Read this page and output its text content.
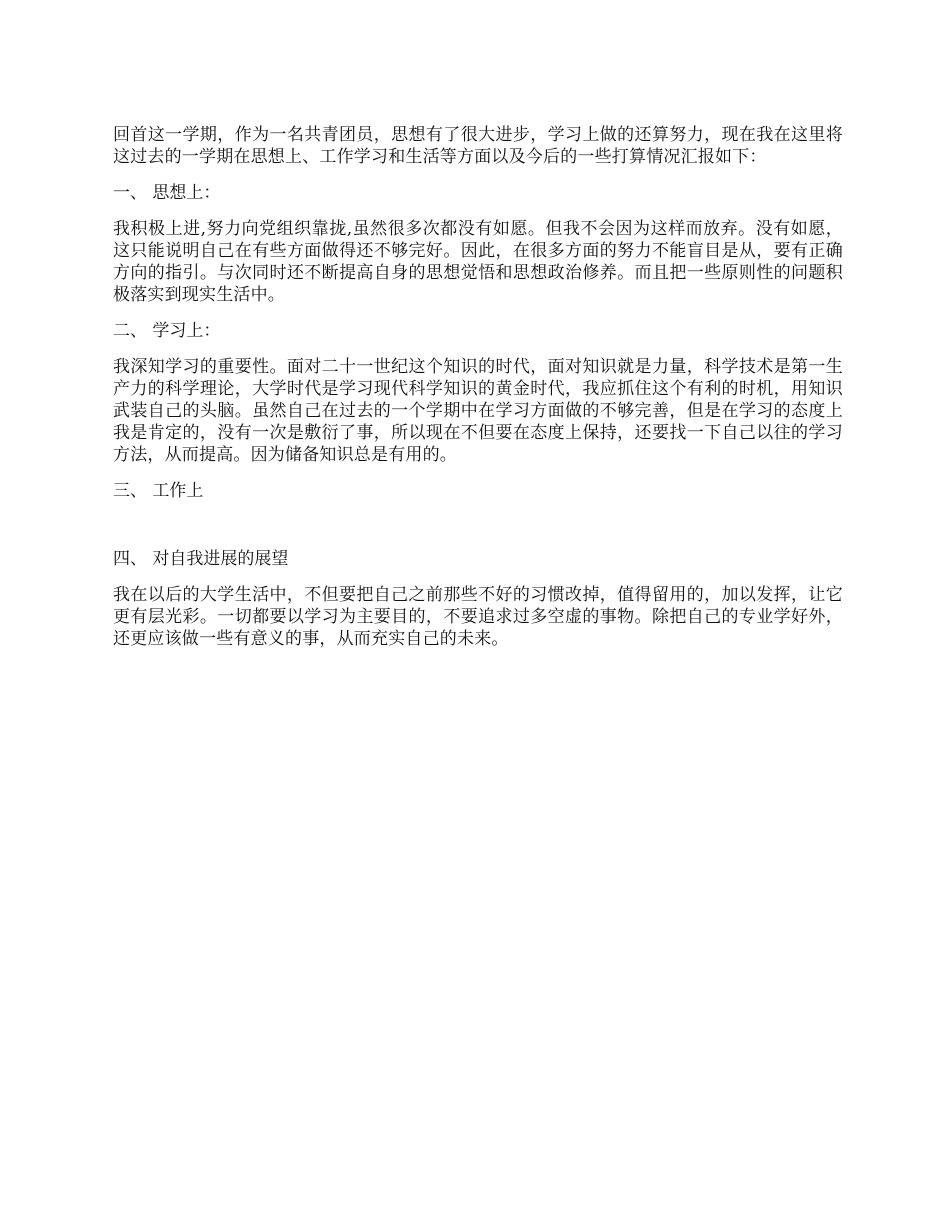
回首这一学期，作为一名共青团员，思想有了很大进步，学习上做的还算努力，现在我在这里将这过去的一学期在思想上、工作学习和生活等方面以及今后的一些打算情况汇报如下：

一、 思想上：

我积极上进,努力向党组织靠拢,虽然很多次都没有如愿。但我不会因为这样而放弃。没有如愿，这只能说明自己在有些方面做得还不够完好。因此，在很多方面的努力不能盲目是从，要有正确方向的指引。与次同时还不断提高自身的思想觉悟和思想政治修养。而且把一些原则性的问题积极落实到现实生活中。

二、 学习上：

我深知学习的重要性。面对二十一世纪这个知识的时代，面对知识就是力量，科学技术是第一生产力的科学理论，大学时代是学习现代科学知识的黄金时代，我应抓住这个有利的时机，用知识武装自己的头脑。虽然自己在过去的一个学期中在学习方面做的不够完善，但是在学习的态度上我是肯定的，没有一次是敷衍了事，所以现在不但要在态度上保持，还要找一下自己以往的学习方法，从而提高。因为储备知识总是有用的。

三、 工作上

四、 对自我进展的展望

我在以后的大学生活中，不但要把自己之前那些不好的习惯改掉，值得留用的，加以发挥，让它更有层光彩。一切都要以学习为主要目的，不要追求过多空虚的事物。除把自己的专业学好外，还更应该做一些有意义的事，从而充实自己的未来。
